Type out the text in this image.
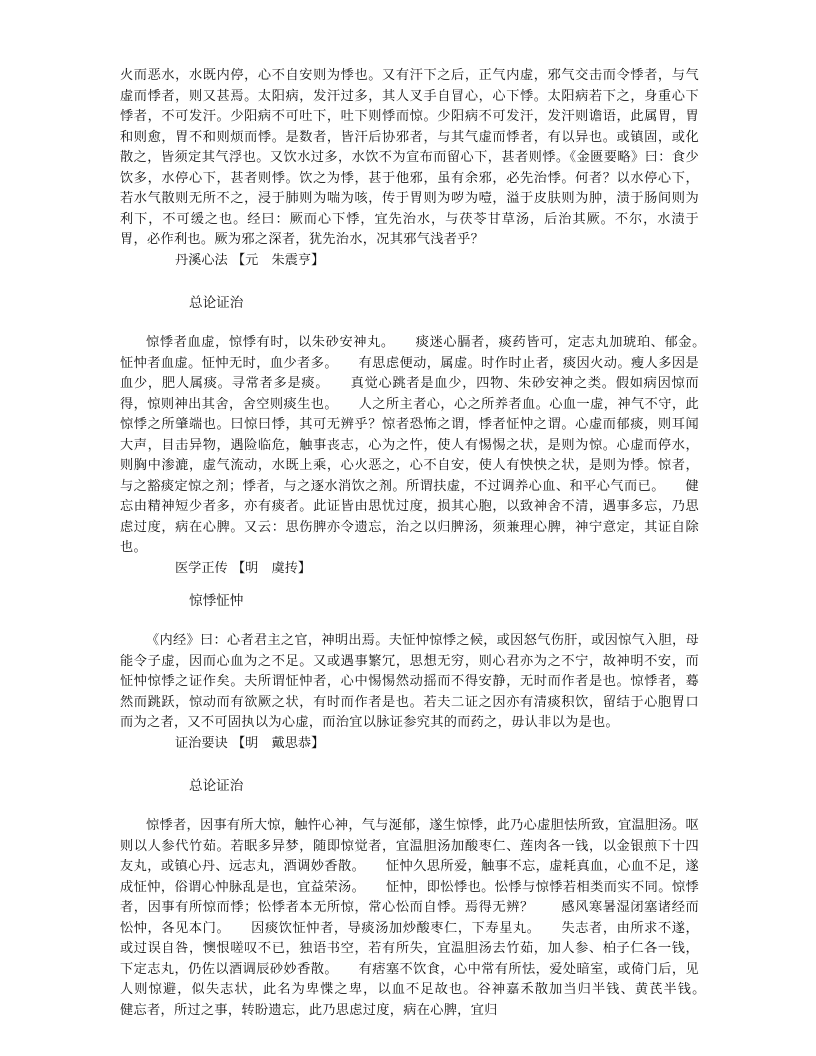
火而恶水，水既内停，心不自安则为悸也。又有汗下之后，正气内虚，邪气交击而令悸者，与气虚而悸者，则又甚焉。太阳病，发汗过多，其人叉手自冒心，心下悸。太阳病若下之，身重心下悸者，不可发汗。少阳病不可吐下，吐下则悸而惊。少阳病不可发汗，发汗则谵语，此属胃，胃和则愈，胃不和则烦而悸。是数者，皆汗后协邪者，与其气虚而悸者，有以异也。或镇固，或化散之，皆须定其气浮也。又饮水过多，水饮不为宣布而留心下，甚者则悸。《金匮要略》曰：食少饮多，水停心下，甚者则悸。饮之为悸，甚于他邪，虽有余邪，必先治悸。何者？以水停心下，若水气散则无所不之，浸于肺则为喘为咳，传于胃则为哕为噎，溢于皮肤则为肿，渍于肠间则为利下，不可缓之也。经曰：厥而心下悸，宜先治水，与茯苓甘草汤，后治其厥。不尔，水渍于胃，必作利也。厥为邪之深者，犹先治水，况其邪气浅者乎？

丹溪心法 【元　朱震亨】

总论证治

惊悸者血虚，惊悸有时，以朱砂安神丸。　　痰迷心膈者，痰药皆可，定志丸加琥珀、郁金。　　怔忡者血虚。怔忡无时，血少者多。　　有思虑便动，属虚。时作时止者，痰因火动。瘦人多因是血少，肥人属痰。寻常者多是痰。　　真觉心跳者是血少，四物、朱砂安神之类。假如病因惊而得，惊则神出其舍，舍空则痰生也。　　人之所主者心，心之所养者血。心血一虚，神气不守，此惊悸之所肇端也。曰惊曰悸，其可无辨乎？惊者恐怖之谓，悸者怔忡之谓。心虚而郁痰，则耳闻大声，目击异物，遇险临危，触事丧志，心为之忤，使人有惕惕之状，是则为惊。心虚而停水，则胸中渗漉，虚气流动，水既上乘，心火恶之，心不自安，使人有怏怏之状，是则为悸。惊者，与之豁痰定惊之剂；悸者，与之逐水消饮之剂。所谓扶虚，不过调养心血、和平心气而已。　　健忘由精神短少者多，亦有痰者。此证皆由思忧过度，损其心胞，以致神舍不清，遇事多忘，乃思虑过度，病在心脾。又云：思伤脾亦令遗忘，治之以归脾汤，须兼理心脾，神宁意定，其证自除也。

医学正传 【明　虞抟】

惊悸怔忡

《内经》曰：心者君主之官，神明出焉。夫怔忡惊悸之候，或因怒气伤肝，或因惊气入胆，母能令子虚，因而心血为之不足。又或遇事繁冗，思想无穷，则心君亦为之不宁，故神明不安，而怔忡惊悸之证作矣。夫所谓怔忡者，心中惕惕然动摇而不得安静，无时而作者是也。惊悸者，蓦然而跳跃，惊动而有欲厥之状，有时而作者是也。若夫二证之因亦有清痰积饮，留结于心胞胃口而为之者，又不可固执以为心虚，而治宜以脉证参究其的而药之，毋认非以为是也。

证治要诀 【明　戴思恭】

总论证治

惊悸者，因事有所大惊，触忤心神，气与涎郁，遂生惊悸，此乃心虚胆怯所致，宜温胆汤。呕则以人参代竹茹。若眠多异梦，随即惊觉者，宜温胆汤加酸枣仁、莲肉各一钱，以金银煎下十四友丸，或镇心丹、远志丸，酒调妙香散。　　怔忡久思所爱，触事不忘，虚耗真血，心血不足，遂成怔忡，俗谓心忡脉乱是也，宜益荣汤。　　怔忡，即忪悸也。忪悸与惊悸若相类而实不同。惊悸者，因事有所惊而悸；忪悸者本无所惊，常心忪而自悸。焉得无辨？　　感风寒暑湿闭塞诸经而忪忡，各见本门。　　因痰饮怔忡者，导痰汤加炒酸枣仁，下寿星丸。　　失志者，由所求不遂，或过误自咎，懊恨嗟叹不已，独语书空，若有所失，宜温胆汤去竹茹，加人参、柏子仁各一钱，下定志丸，仍佐以酒调辰砂妙香散。　　有痞塞不饮食，心中常有所怯，爱处暗室，或倚门后，见人则惊避，似失志状，此名为卑惵之卑，以血不足故也。谷神嘉禾散加当归半钱、黄芪半钱。　　健忘者，所过之事，转盼遗忘，此乃思虑过度，病在心脾，宜归
